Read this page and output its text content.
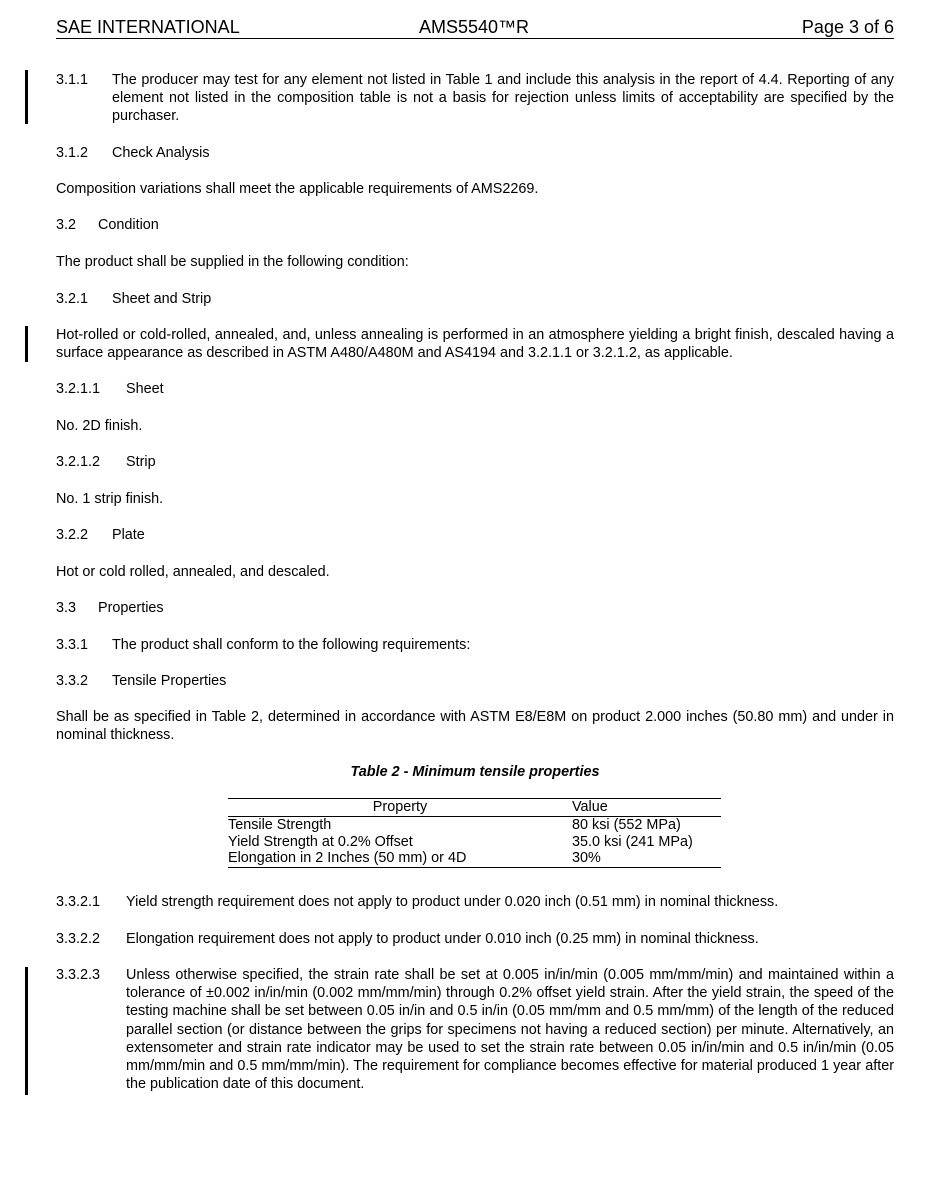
SAE INTERNATIONAL	AMS5540™R	Page 3 of 6
3.1.1 The producer may test for any element not listed in Table 1 and include this analysis in the report of 4.4. Reporting of any element not listed in the composition table is not a basis for rejection unless limits of acceptability are specified by the purchaser.
3.1.2 Check Analysis
Composition variations shall meet the applicable requirements of AMS2269.
3.2 Condition
The product shall be supplied in the following condition:
3.2.1 Sheet and Strip
Hot-rolled or cold-rolled, annealed, and, unless annealing is performed in an atmosphere yielding a bright finish, descaled having a surface appearance as described in ASTM A480/A480M and AS4194 and 3.2.1.1 or 3.2.1.2, as applicable.
3.2.1.1 Sheet
No. 2D finish.
3.2.1.2 Strip
No. 1 strip finish.
3.2.2 Plate
Hot or cold rolled, annealed, and descaled.
3.3 Properties
3.3.1 The product shall conform to the following requirements:
3.3.2 Tensile Properties
Shall be as specified in Table 2, determined in accordance with ASTM E8/E8M on product 2.000 inches (50.80 mm) and under in nominal thickness.
Table 2 - Minimum tensile properties
Property	Value
Tensile Strength	80 ksi (552 MPa)
Yield Strength at 0.2% Offset	35.0 ksi (241 MPa)
Elongation in 2 Inches (50 mm) or 4D	30%
3.3.2.1 Yield strength requirement does not apply to product under 0.020 inch (0.51 mm) in nominal thickness.
3.3.2.2 Elongation requirement does not apply to product under 0.010 inch (0.25 mm) in nominal thickness.
3.3.2.3 Unless otherwise specified, the strain rate shall be set at 0.005 in/in/min (0.005 mm/mm/min) and maintained within a tolerance of ±0.002 in/in/min (0.002 mm/mm/min) through 0.2% offset yield strain. After the yield strain, the speed of the testing machine shall be set between 0.05 in/in and 0.5 in/in (0.05 mm/mm and 0.5 mm/mm) of the length of the reduced parallel section (or distance between the grips for specimens not having a reduced section) per minute. Alternatively, an extensometer and strain rate indicator may be used to set the strain rate between 0.05 in/in/min and 0.5 in/in/min (0.05 mm/mm/min and 0.5 mm/mm/min). The requirement for compliance becomes effective for material produced 1 year after the publication date of this document.
